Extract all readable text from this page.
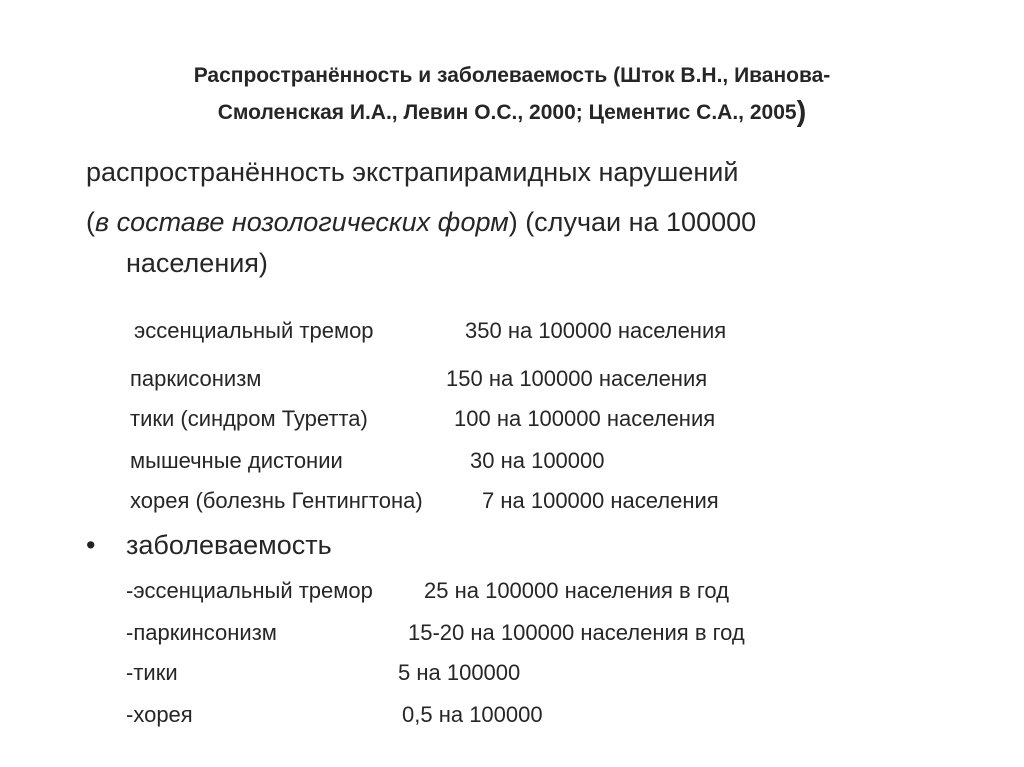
Распространённость и заболеваемость (Шток В.Н., Иванова-
Смоленская И.А., Левин О.С., 2000; Цементис С.А., 2005)
распространённость экстрапирамидных нарушений
(в составе нозологических форм) (случаи на 100000
населения)
эссенциальный тремор	350 на 100000 населения
паркисонизм	150 на 100000 населения
тики (синдром Туретта)	100 на 100000 населения
мышечные дистонии	30 на 100000
хорея (болезнь Гентингтона)	7 на 100000 населения
• заболеваемость
-эссенциальный тремор 25 на 100000 населения в год
-паркинсонизм	15-20 на 100000 населения в год
-тики	5 на 100000
-хорея	0,5 на 100000
